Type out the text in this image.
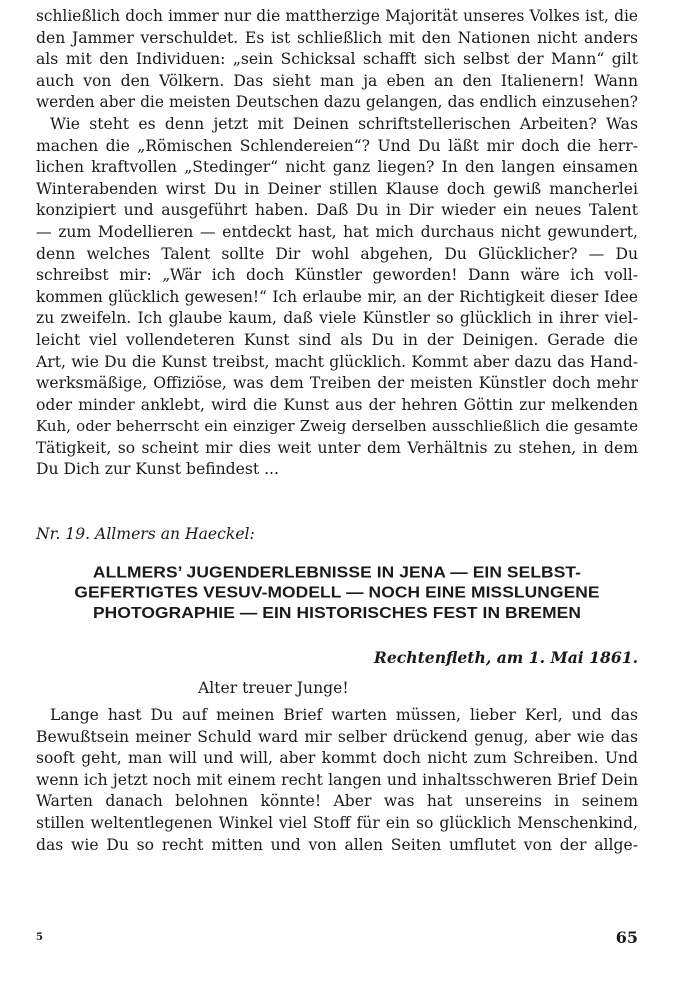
schließlich doch immer nur die mattherzige Majorität unseres Volkes ist, die
den Jammer verschuldet. Es ist schließlich mit den Nationen nicht anders
als mit den Individuen: „sein Schicksal schafft sich selbst der Mann“ gilt
auch von den Völkern. Das sieht man ja eben an den Italienern! Wann
werden aber die meisten Deutschen dazu gelangen, das endlich einzusehen?
Wie steht es denn jetzt mit Deinen schriftstellerischen Arbeiten? Was
machen die „Römischen Schlendereien“? Und Du läßt mir doch die herr-
lichen kraftvollen „Stedinger“ nicht ganz liegen? In den langen einsamen
Winterabenden wirst Du in Deiner stillen Klause doch gewiß mancherlei
konzipiert und ausgeführt haben. Daß Du in Dir wieder ein neues Talent
— zum Modellieren — entdeckt hast, hat mich durchaus nicht gewundert,
denn welches Talent sollte Dir wohl abgehen, Du Glücklicher? — Du
schreibst mir: „Wär ich doch Künstler geworden! Dann wäre ich voll-
kommen glücklich gewesen!“ Ich erlaube mir, an der Richtigkeit dieser Idee
zu zweifeln. Ich glaube kaum, daß viele Künstler so glücklich in ihrer viel-
leicht viel vollendeteren Kunst sind als Du in der Deinigen. Gerade die
Art, wie Du die Kunst treibst, macht glücklich. Kommt aber dazu das Hand-
werksmäßige, Offiziöse, was dem Treiben der meisten Künstler doch mehr
oder minder anklebt, wird die Kunst aus der hehren Göttin zur melkenden
Kuh, oder beherrscht ein einziger Zweig derselben ausschließlich die gesamte
Tätigkeit, so scheint mir dies weit unter dem Verhältnis zu stehen, in dem
Du Dich zur Kunst befindest ...
Nr. 19. Allmers an Haeckel:
ALLMERS’ JUGENDERLEBNISSE IN JENA — EIN SELBST-
GEFERTIGTES VESUV-MODELL — NOCH EINE MISSLUNGENE
PHOTOGRAPHIE — EIN HISTORISCHES FEST IN BREMEN
Rechtenfleth, am 1. Mai 1861.
Alter treuer Junge!
Lange hast Du auf meinen Brief warten müssen, lieber Kerl, und das
Bewußtsein meiner Schuld ward mir selber drückend genug, aber wie das
sooft geht, man will und will, aber kommt doch nicht zum Schreiben. Und
wenn ich jetzt noch mit einem recht langen und inhaltsschweren Brief Dein
Warten danach belohnen könnte! Aber was hat unsereins in seinem
stillen weltentlegenen Winkel viel Stoff für ein so glücklich Menschenkind,
das wie Du so recht mitten und von allen Seiten umflutet von der allge-
5	65
